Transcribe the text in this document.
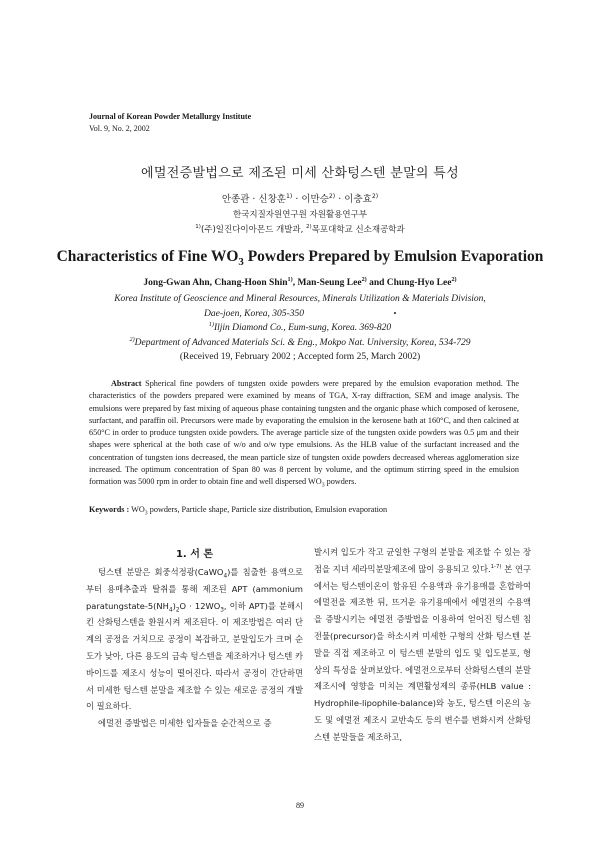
Journal of Korean Powder Metallurgy Institute
Vol. 9, No. 2, 2002
에멀전증발법으로 제조된 미세 산화텅스텐 분말의 특성
안종관 · 신창훈$^{1)}$ · 이만승$^{2)}$ · 이충효$^{2)}$
한국지질자원연구원 자원활용연구부
$^{1)}$(주)일진다이아몬드 개발과, $^{2)}$목포대학교 신소재공학과
Characteristics of Fine $WO_3$ Powders Prepared by Emulsion Evaporation
Jong-Gwan Ahn, Chang-Hoon Shin$^{1)}$, Man-Seung Lee$^{2)}$ and Chung-Hyo Lee$^{2)}$
Korea Institute of Geoscience and Mineral Resources, Minerals Utilization & Materials Division,
Dae-joen, Korea, 305-350
$^{1)}$Iljin Diamond Co., Eum-sung, Korea. 369-820
$^{2)}$Department of Advanced Materials Sci. & Eng., Mokpo Nat. University, Korea, 534-729
(Received 19, February 2002 ; Accepted form 25, March 2002)
Abstract Spherical fine powders of tungsten oxide powders were prepared by the emulsion evaporation method. The characteristics of the powders prepared were examined by means of TGA, X-ray diffraction, SEM and image analysis. The emulsions were prepared by fast mixing of aqueous phase containing tungsten and the organic phase which composed of kerosene, surfactant, and paraffin oil. Precursors were made by evaporating the emulsion in the kerosene bath at 160°C, and then calcined at 650°C in order to produce tungsten oxide powders. The average particle size of the tungsten oxide powders was 0.5 μm and their shapes were spherical at the both case of w/o and o/w type emulsions. As the HLB value of the surfactant increased and the concentration of tungsten ions decreased, the mean particle size of tungsten oxide powders decreased whereas agglomeration size increased. The optimum concentration of Span 80 was 8 percent by volume, and the optimum stirring speed in the emulsion formation was 5000 rpm in order to obtain fine and well dispersed $WO_3$ powders.
Keywords : $WO_3$ powders, Particle shape, Particle size distribution, Emulsion evaporation
1. 서 론

텅스텐 분말은 회중석정광(CaWO$_4$)를 침출한 용액으로부터 용매추출과 탈취를 통해 제조된 APT (ammonium paratungstate-$5(NH_4)_2O \cdot 12WO_3$, 이하 APT)를 분해시킨 산화텅스텐을 환원시켜 제조된다. 이 제조방법은 여러 단계의 공정을 거치므로 공정이 복잡하고, 분말입도가 크며 순도가 낮아, 다른 용도의 금속 텅스텐을 제조하거나 텅스텐 카바이드를 제조시 성능이 떨어진다. 따라서 공정이 간단하면서 미세한 텅스텐 분말을 제조할 수 있는 새로운 공정의 개발이 필요하다.

에멀전 증발법은 미세한 입자들을 순간적으로 증

발시켜 입도가 작고 균일한 구형의 분말을 제조할 수 있는 장점을 지녀 세라믹분말제조에 많이 응용되고 있다.$^{1-7)}$ 본 연구에서는 텅스텐이온이 함유된 수용액과 유기용매를 혼합하여 에멀전을 제조한 뒤, 뜨거운 유기용매에서 에멀전의 수용액을 증발시키는 에멀전 증발법을 이용하여 얻어진 텅스텐 침전물(precursor)을 하소시켜 미세한 구형의 산화 텅스텐 분말을 직접 제조하고 이 텅스텐 분말의 입도 및 입도분포, 형상의 특성을 살펴보았다. 에멀전으로부터 산화텅스텐의 분말 제조시에 영향을 미치는 계면활성제의 종류(HLB value : Hydrophile-lipophile-balance)와 농도, 텅스텐 이온의 농도 및 에멀전 제조시 교반속도 등의 변수를 변화시켜 산화텅스텐 분말들을 제조하고,

89
